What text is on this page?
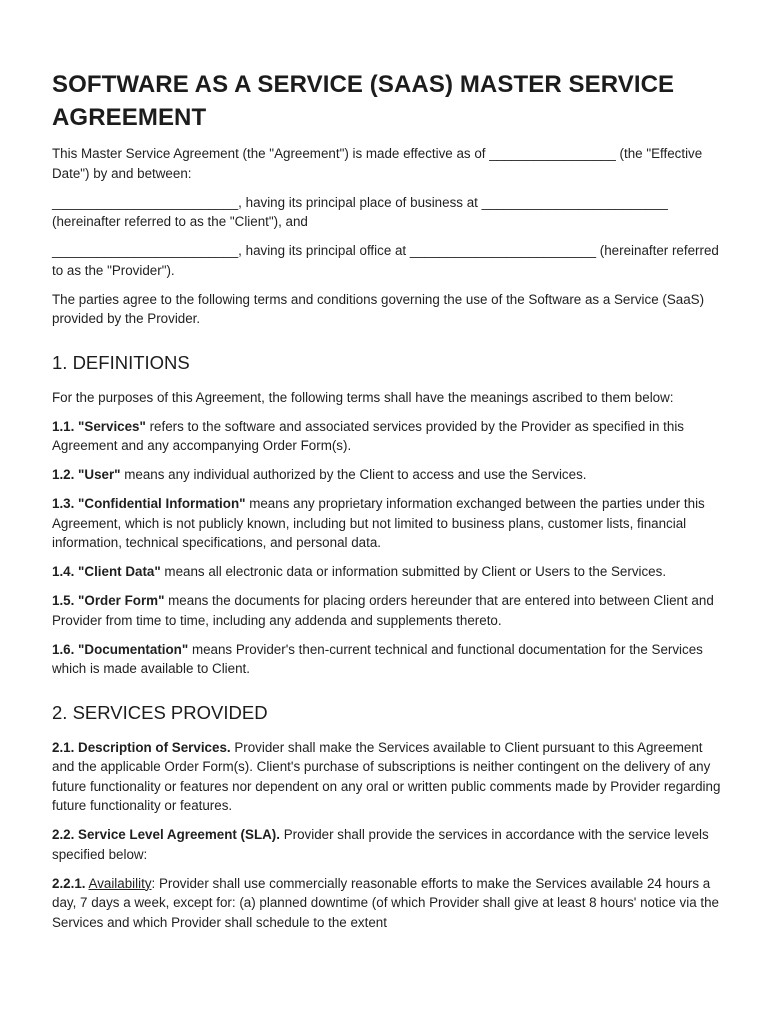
SOFTWARE AS A SERVICE (SAAS) MASTER SERVICE AGREEMENT

This Master Service Agreement (the "Agreement") is made effective as of _________________ (the "Effective Date") by and between:

_________________________, having its principal place of business at _________________________ (hereinafter referred to as the "Client"), and

_________________________, having its principal office at _________________________ (hereinafter referred to as the "Provider").

The parties agree to the following terms and conditions governing the use of the Software as a Service (SaaS) provided by the Provider.

1. DEFINITIONS

For the purposes of this Agreement, the following terms shall have the meanings ascribed to them below:

1.1. "Services" refers to the software and associated services provided by the Provider as specified in this Agreement and any accompanying Order Form(s).

1.2. "User" means any individual authorized by the Client to access and use the Services.

1.3. "Confidential Information" means any proprietary information exchanged between the parties under this Agreement, which is not publicly known, including but not limited to business plans, customer lists, financial information, technical specifications, and personal data.

1.4. "Client Data" means all electronic data or information submitted by Client or Users to the Services.

1.5. "Order Form" means the documents for placing orders hereunder that are entered into between Client and Provider from time to time, including any addenda and supplements thereto.

1.6. "Documentation" means Provider's then-current technical and functional documentation for the Services which is made available to Client.

2. SERVICES PROVIDED

2.1. Description of Services. Provider shall make the Services available to Client pursuant to this Agreement and the applicable Order Form(s). Client's purchase of subscriptions is neither contingent on the delivery of any future functionality or features nor dependent on any oral or written public comments made by Provider regarding future functionality or features.

2.2. Service Level Agreement (SLA). Provider shall provide the services in accordance with the service levels specified below:

2.2.1. Availability: Provider shall use commercially reasonable efforts to make the Services available 24 hours a day, 7 days a week, except for: (a) planned downtime (of which Provider shall give at least 8 hours' notice via the Services and which Provider shall schedule to the extent
